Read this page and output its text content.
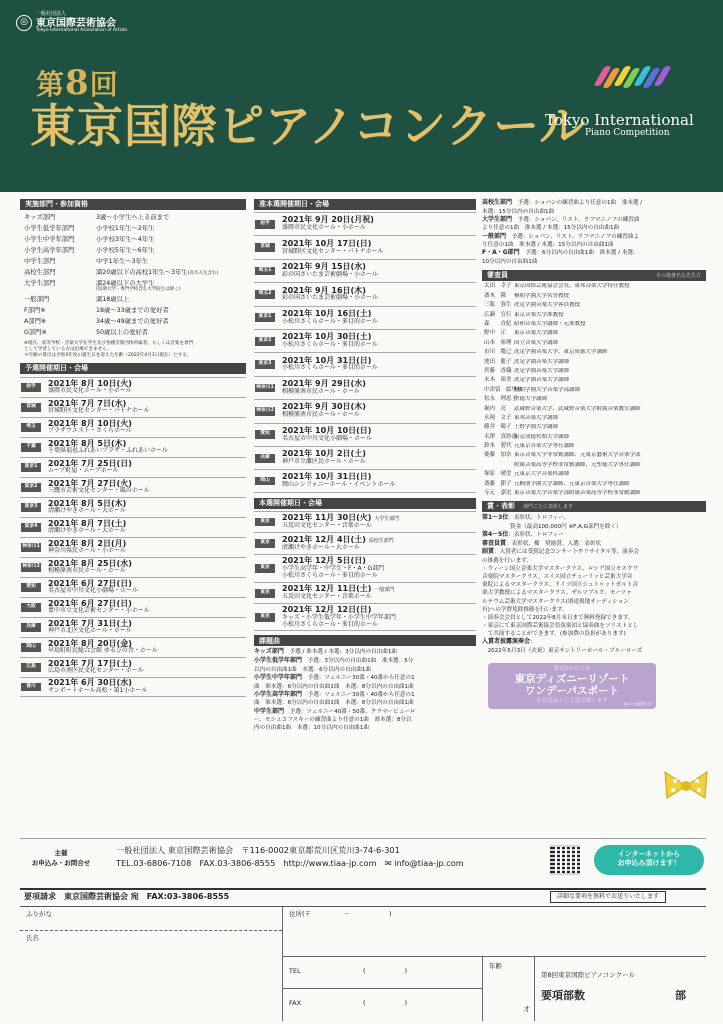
◎
一般社団法人
東京国際芸術協会
Tokyo International Association of Artists
第8回
東京国際ピアノコンクール
Tokyo International
Piano Competition
実施部門・参加資格
キッズ部門	3歳〜小学生へ上る前まで
小学生低学年部門	小学校1年生〜2年生
小学生中学年部門	小学校3年生〜4年生
小学生高学年部門	小学校5年生〜6年生
中学生部門	中学1年生〜3年生
高校生部門	満20歳以下の高校1年生〜3年生(高卒入生含む)
大学生部門	満24歳以下の大学生
(短期大学・専門学校含む大学院生は除く)
一般部門	満18歳以上
F部門※	18歳〜33歳までの愛好者
A部門※	34歳〜49歳までの愛好者
G部門※	50歳以上の愛好者
※現在、高等学校・音楽大学在学生及び各種音楽団体所属者、もしくは音楽を専門
として学習している方は出場できません。
＊年齢の算出は令和3年度の誕生日を迎えた年齢（2022年4月1日現在）とする。
予選開催期日・会場
岩手	2021年 8月 10日(火)
盛岡市民文化ホール・小ホール
宮城	2021年 7月 7日(水)
宮城野区文化センター・パトナホール
埼玉	2021年 8月 10日(火)
プラザウエスト・さくらホール
千葉	2021年 8月 5日(木)
千葉県福祉ふれあいプラザ・ふれあいホール
東京1	2021年 7月 25日(日)
ムーブ町屋・ムーブホール
東京2	2021年 7月 27日(火)
三鷹市芸術文化センター・風のホール
東京3	2021年 8月 5日(木)
清瀬けやきホール・大ホール
東京4	2021年 8月 7日(土)
清瀬けやきホール・大ホール
神奈川1 2021年 8月 2日(月)
神奈川県民ホール・小ホール
神奈川2 2021年 8月 25日(水)
相模原南市民ホール・ホール
愛知	2021年 6月 27日(日)
名古屋市中川文化小劇場・ホール
大阪	2021年 6月 27日(日)
豊中市立文化芸術センター・小ホール
兵庫	2021年 7月 31日(土)
神戸市北区文化ホール・ホール
岡山	2021年 8月 20日(金)
早島町町民総合会館 ゆるびの舎・ホール
広島	2021年 7月 17日(土)
広島市南区民文化センター・ホール
香川	2021年 6月 30日(水)
サンポートホール高松・第1小ホール
准本選開催期日・会場
岩手	2021年 9月 20日(月祝)
盛岡市民文化ホール・小ホール
宮城	2021年 10月 17日(日)
宮城野区文化センター・パトナホール
埼玉1	2021年 9月 15日(水)
彩の国さいたま芸術劇場・小ホール
埼玉2	2021年 9月 16日(木)
彩の国さいたま芸術劇場・小ホール
東京1	2021年 10月 16日(土)
小松川さくらホール・多目的ホール
東京2	2021年 10月 30日(土)
小松川さくらホール・多目的ホール
東京3	2021年 10月 31日(日)
小松川さくらホール・多目的ホール
神奈川1 2021年 9月 29日(水)
相模原南市民ホール・ホール
神奈川2 2021年 9月 30日(木)
相模原南市民ホール・ホール
愛知	2021年 10月 10日(日)
名古屋市中川文化小劇場・ホール
兵庫	2021年 10月 2日(土)
神戸市立灘区民ホール・ホール
岡山	2021年 10月 31日(日)
岡山シンフォニーホール・イベントホール
本選開催期日・会場
東京	2021年 11月 30日(火) 大学生部門
五反田文化センター・音楽ホール
東京	2021年 12月 4日(土) 高校生部門
清瀬けやきホール・大ホール
東京
2021年 12月 5日(日)
小学生高学年・中学生・F・A・G部門
小松川さくらホール・多目的ホール
東京	2021年 12月 11日(土) 一般部門
五反田文化センター・音楽ホール
東京
2021年 12月 12日(日)
キッズ・小学生低学年・小学生中学年部門
小松川さくらホール・多目的ホール
課題曲
キッズ部門　予選 / 准本選 / 本選：3分以内の自由曲1曲
小学生低学年部門　予選：3分以内の自由曲1曲　准本選：5分
以内の自由曲1曲　本選：6分以内の自由曲1曲
小学生中学年部門　予選：ツェルニー30番・40番から任意の1
曲　准本選：6分以内の自由曲1曲　本選：8分以内の自由曲1曲
小学生高学年部門　予選：ツェルニー30番・40番から任意の1
曲　准本選：6分以内の自由曲1曲　本選：8分以内の自由曲1曲
中学生部門　予選：ツェルニー40番・50番、クラマービューロ
ー、モシュコフスキーの練習曲より任意の1曲　准本選：8分以
内の自由曲1曲　本選：10分以内の自由曲1曲
高校生部門　予選：ショパンの練習曲より任意の1曲　准本選 /
本選：15分以内の自由曲1曲
大学生部門　予選：ショパン、リスト、ラフマニノフの練習曲
より任意の1曲　准本選 / 本選：15分以内の自由曲1曲
一般部門　予選：ショパン、リスト、ラフマニノフの練習曲よ
り任意の1曲　准本選 / 本選：15分以内の自由曲1曲
F・A・G部門　予選：6分以内の自由曲1曲　准本選 / 本選：
10分以内の自由曲1曲
審査員	その他著名な先生方
太田　幸子 東京国際芸術協会会長、東邦音楽大学特任教授
斎木　隆	桐朋学園大学名誉教授
三瓶　弥生 洗足学園音楽大学客員教授
広瀬　宣行 東京音楽大学准教授
森　　直紀 昭和音楽大学講師・元准教授
野中　正	東京音楽大学講師
山本　裕理 国立音楽大学講師
市川　慶己 洗足学園音楽大学、東京成徳大学講師
池田　聡子 洗足学園音楽大学講師
齊藤　香織 洗足学園音楽大学講師
末木　裕美 洗足学園音楽大学講師
中津留　絵里加
桐朋学園大学音楽学部講師
松永　理恵子
聖徳大学講師
堀内　亮	武蔵野音楽大学、武蔵野音楽大学附属音楽教室講師
永岡　文子 東邦音楽大学講師
藤井　陽子 上野学園大学講師
永澤　真紗恵
東京成徳短期大学講師
鈴木　碧代 元東京音楽大学専任講師
後藤　加奈 東京音楽大学非常勤講師、元東京藝術大学音楽学部
附属音楽高等学校非常勤講師、元聖徳大学専任講師
塚原　晴美 元東京大学音楽科講師
斎藤　節子 元桐朋学園大学講師、元東京音楽大学専任講師
寺元　嘉宏 東京音楽大学音楽学部附属音楽高等学校非常勤講師
賞・表彰 部門ごとに表彰します
第1〜3位：表彰状、トロフィー、
　　　　　賞金（最高100,000円 ※F,A,G部門を除く）
第4〜5位：表彰状、トロフィー
審査員賞：表彰状、楯　奨励賞、入選：表彰状
副賞：入賞者には受賞記念コンサートやリサイタル等、演奏会
の推薦を行います。
・ウィーン国立音楽大学マスタークラス、ロシア国立モスクワ
音楽院マスタークラス、スイス国立チューリッヒ芸術大学音
楽院によるマスタークラス、ドイツ国立シュトゥットガルト音
楽大学教授によるマスタークラス、ザルツブルク、モーツァ
ルテウム芸術大学マスタークラス(別途現地オーディション
有)への学費免除推薦を行います。
・演奏会会員として2022年8月末日まで無料登録できます。
・東京にて東京国際芸術協会管弦楽団と協奏曲をソリストとし
　て共演することができます。(参加費の負担があります)
入賞者披露演奏会：
　2022年5月3日（火祝）東京サントリーホール・ブルーローズ
第1位の方には
東京ディズニーリゾート
ワンデーパスポート
を記念品として進呈致します	※1人分/部門当り
主催
お申込み・お問合せ
一般社団法人 東京国際芸術協会　〒116-0002東京都荒川区荒川3-74-6-301
TEL.03-6806-7108　FAX.03-3806-8555　http://www.tiaa-jp.com　✉ info@tiaa-jp.com
インターネットから
お申込み頂けます！
要項請求　東京国際芸術協会 宛　FAX:03-3806-8555	詳細な要項を無料でお送りいたします
ふりがな
氏名
住所(〒　　　　　－　　　　　　)
TEL	(　　　　　　)
FAX	(　　　　　　)
年齢
才
第8回東京国際ピアノコンクール
要項部数	部
